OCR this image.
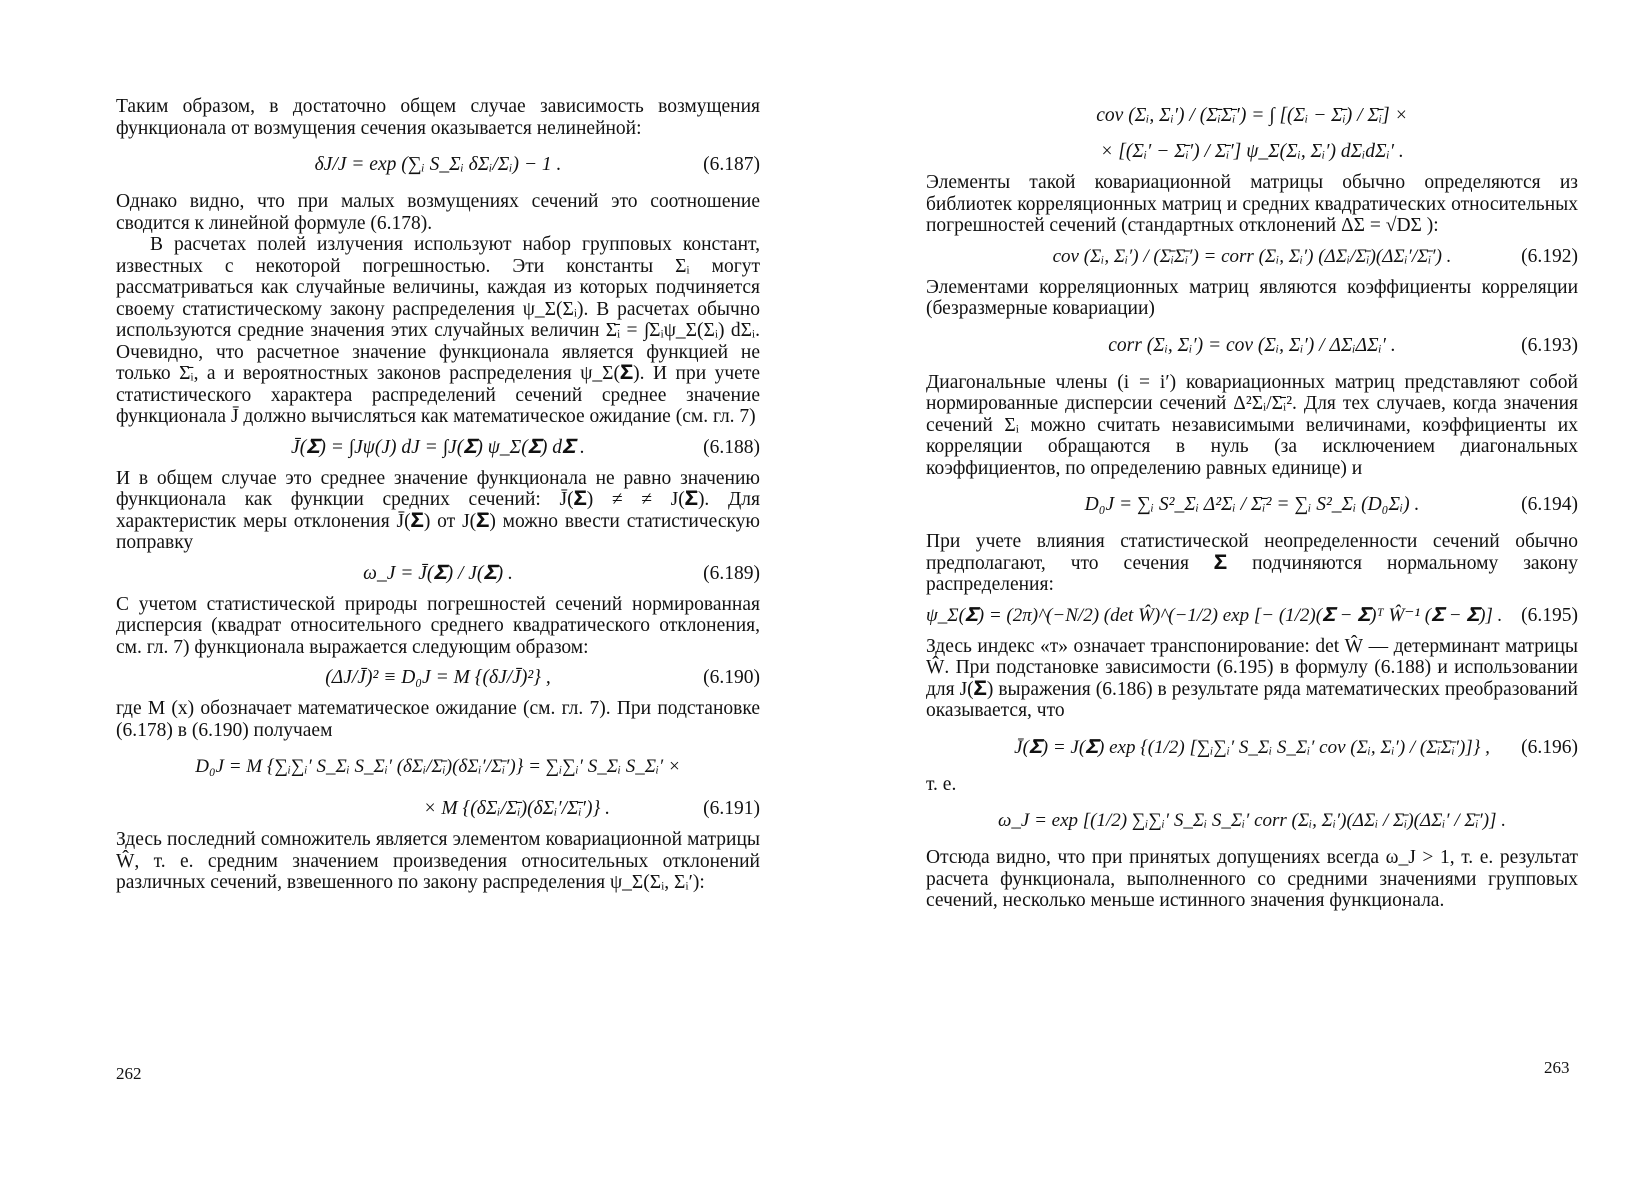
Таким образом, в достаточно общем случае зависимость возмущения функционала от возмущения сечения оказывается нелинейной:

δJ/J = exp (∑ᵢ S_Σᵢ δΣᵢ/Σᵢ) − 1 .	(6.187)

Однако видно, что при малых возмущениях сечений это соотношение сводится к линейной формуле (6.178).

В расчетах полей излучения используют набор групповых констант, известных с некоторой погрешностью. Эти константы Σᵢ могут рассматриваться как случайные величины, каждая из которых подчиняется своему статистическому закону распределения ψ_Σ(Σᵢ). В расчетах обычно используются средние значения этих случайных величин Σ̄ᵢ = ∫Σᵢψ_Σ(Σᵢ) dΣᵢ. Очевидно, что расчетное значение функционала является функцией не только Σ̄ᵢ, а и вероятностных законов распределения ψ_Σ(𝚺). И при учете статистического характера распределений сечений среднее значение функционала J̄ должно вычисляться как математическое ожидание (см. гл. 7)

J̄(𝚺) = ∫Jψ(J) dJ = ∫J(𝚺) ψ_Σ(𝚺) d𝚺 .	(6.188)

И в общем случае это среднее значение функционала не равно значению функционала как функции средних сечений: J̄(𝚺) ≠ ≠ J(𝚺̄). Для характеристик меры отклонения J̄(𝚺) от J(𝚺̄) можно ввести статистическую поправку

ω_J = J̄(𝚺) / J(𝚺̄) .	(6.189)

С учетом статистической природы погрешностей сечений нормированная дисперсия (квадрат относительного среднего квадратического отклонения, см. гл. 7) функционала выражается следующим образом:

(ΔJ/J̄)² ≡ D₀J = M {(δJ/J̄)²} ,	(6.190)

где M (x) обозначает математическое ожидание (см. гл. 7). При подстановке (6.178) в (6.190) получаем

D₀J = M {∑ᵢ∑ᵢ′ S_Σᵢ S_Σᵢ′ (δΣᵢ/Σ̄ᵢ)(δΣᵢ′/Σ̄ᵢ′)} = ∑ᵢ∑ᵢ′ S_Σᵢ S_Σᵢ′ ×
× M {(δΣᵢ/Σ̄ᵢ)(δΣᵢ′/Σ̄ᵢ′)} .	(6.191)

Здесь последний сомножитель является элементом ковариационной матрицы Ŵ, т. е. средним значением произведения относительных отклонений различных сечений, взвешенного по закону распределения ψ_Σ(Σᵢ, Σᵢ′):

262
cov (Σᵢ, Σᵢ′) / (Σ̄ᵢΣ̄ᵢ′) = ∫ [(Σᵢ − Σ̄ᵢ) / Σ̄ᵢ] ×
× [(Σᵢ′ − Σ̄ᵢ′) / Σ̄ᵢ′] ψ_Σ(Σᵢ, Σᵢ′) dΣᵢdΣᵢ′ .

Элементы такой ковариационной матрицы обычно определяются из библиотек корреляционных матриц и средних квадратических относительных погрешностей сечений (стандартных отклонений ΔΣ = √DΣ ):

cov (Σᵢ, Σᵢ′) / (Σ̄ᵢΣ̄ᵢ′) = corr (Σᵢ, Σᵢ′) (ΔΣᵢ/Σ̄ᵢ)(ΔΣᵢ′/Σ̄ᵢ′) .	(6.192)

Элементами корреляционных матриц являются коэффициенты корреляции (безразмерные ковариации)

corr (Σᵢ, Σᵢ′) = cov (Σᵢ, Σᵢ′) / ΔΣᵢΔΣᵢ′ .	(6.193)

Диагональные члены (i = i′) ковариационных матриц представляют собой нормированные дисперсии сечений Δ²Σᵢ/Σ̄ᵢ². Для тех случаев, когда значения сечений Σᵢ можно считать независимыми величинами, коэффициенты их корреляции обращаются в нуль (за исключением диагональных коэффициентов, по определению равных единице) и

D₀J = ∑ᵢ S²_Σᵢ Δ²Σᵢ / Σ̄ᵢ² = ∑ᵢ S²_Σᵢ (D₀Σᵢ) .	(6.194)

При учете влияния статистической неопределенности сечений обычно предполагают, что сечения 𝚺 подчиняются нормальному закону распределения:

ψ_Σ(𝚺) = (2π)^(−N/2) (det Ŵ)^(−1/2) exp [− (1/2)(𝚺 − 𝚺̄)ᵀ Ŵ⁻¹ (𝚺 − 𝚺̄)] . (6.195)

Здесь индекс «т» означает транспонирование: det Ŵ — детерминант матрицы Ŵ. При подстановке зависимости (6.195) в формулу (6.188) и использовании для J(𝚺) выражения (6.186) в результате ряда математических преобразований оказывается, что

J̄(𝚺) = J(𝚺̄) exp {(1/2) [∑ᵢ∑ᵢ′ S_Σᵢ S_Σᵢ′ cov (Σᵢ, Σᵢ′) / (Σ̄ᵢΣ̄ᵢ′)]} , (6.196)

т. е.

ω_J = exp [(1/2) ∑ᵢ∑ᵢ′ S_Σᵢ S_Σᵢ′ corr (Σᵢ, Σᵢ′)(ΔΣᵢ / Σ̄ᵢ)(ΔΣᵢ′ / Σ̄ᵢ′)] .

Отсюда видно, что при принятых допущениях всегда ω_J > 1, т. е. результат расчета функционала, выполненного со средними значениями групповых сечений, несколько меньше истинного значения функционала.

263
